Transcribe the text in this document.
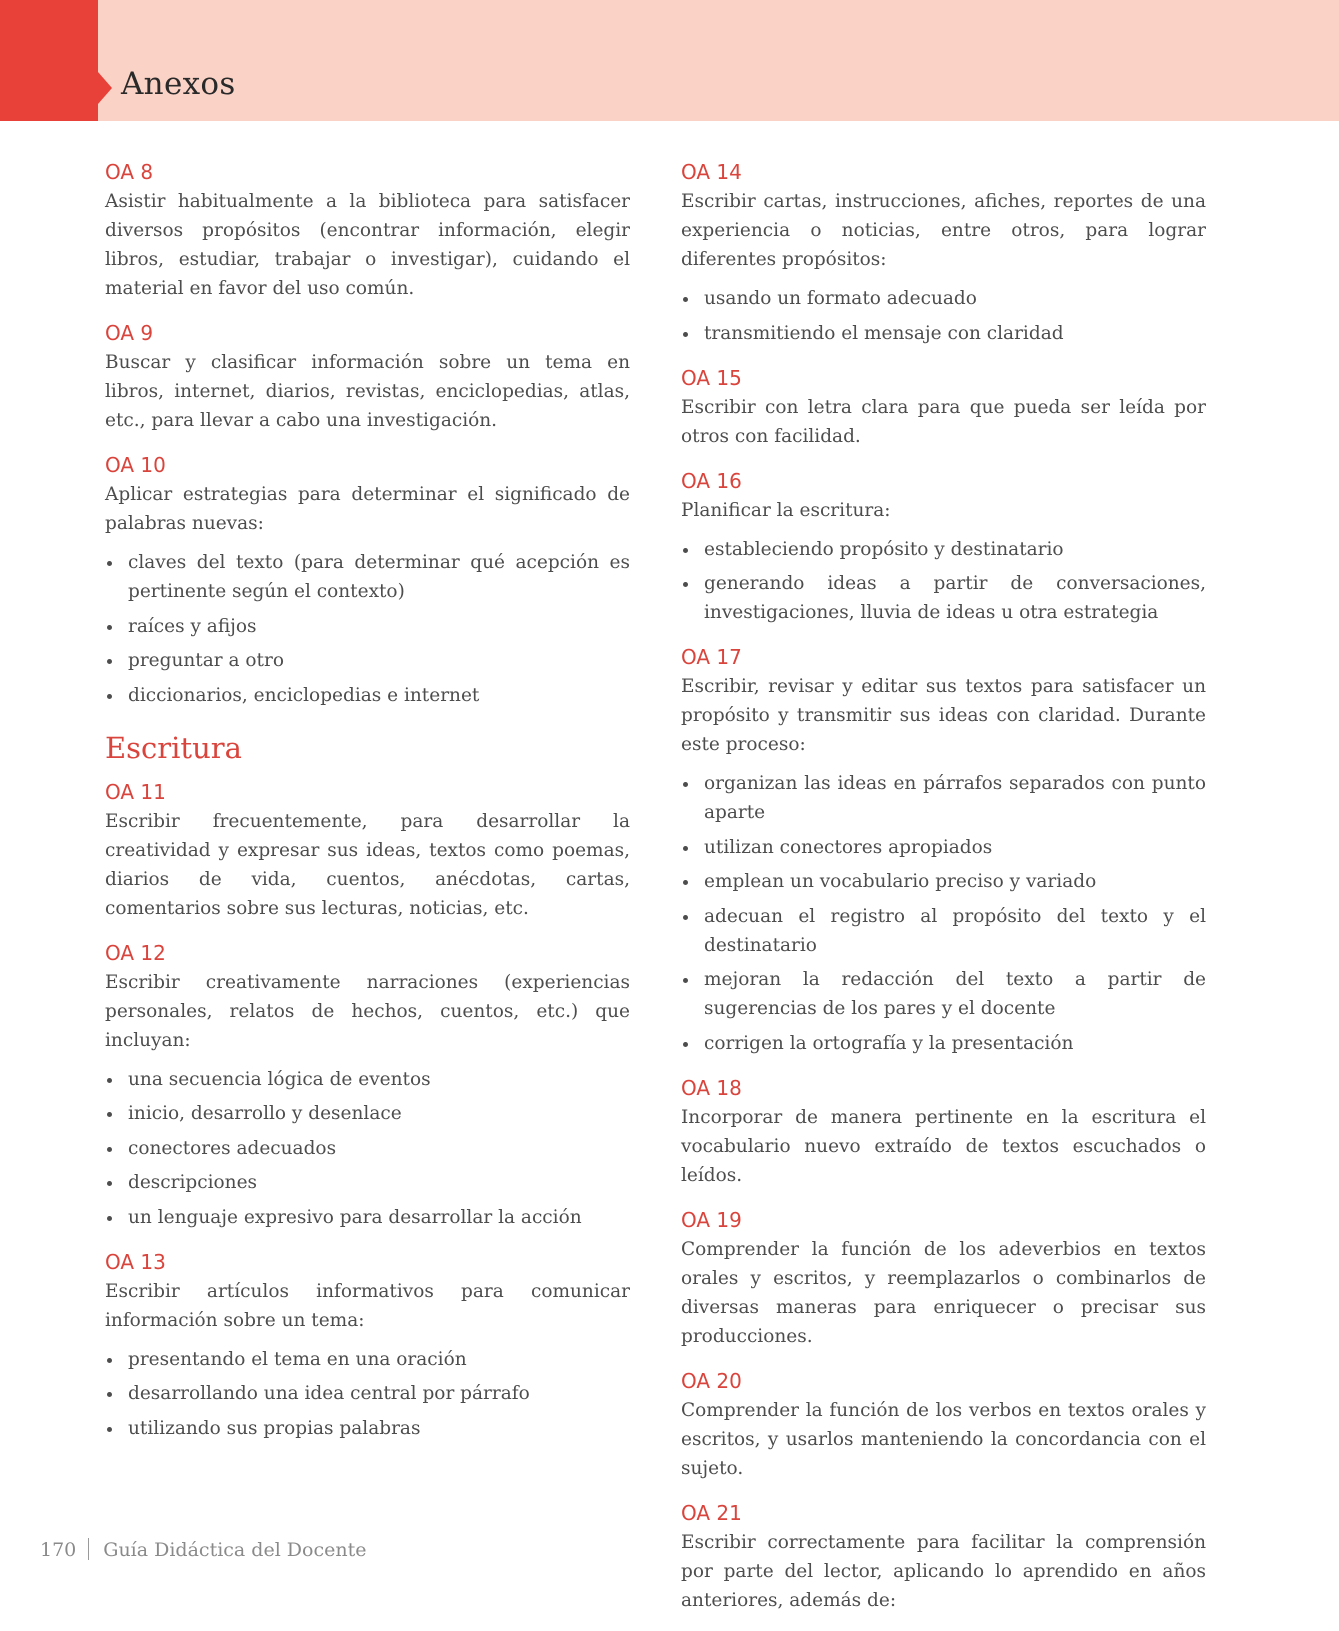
Anexos
OA 8

Asistir habitualmente a la biblioteca para satisfacer diversos propósitos (encontrar información, elegir libros, estudiar, trabajar o investigar), cuidando el material en favor del uso común.

OA 9

Buscar y clasificar información sobre un tema en libros, internet, diarios, revistas, enciclopedias, atlas, etc., para llevar a cabo una investigación.

OA 10

Aplicar estrategias para determinar el significado de palabras nuevas:

claves del texto (para determinar qué acepción es pertinente según el contexto)
raíces y afijos
preguntar a otro
diccionarios, enciclopedias e internet
Escritura
OA 11

Escribir frecuentemente, para desarrollar la creatividad y expresar sus ideas, textos como poemas, diarios de vida, cuentos, anécdotas, cartas, comentarios sobre sus lecturas, noticias, etc.

OA 12

Escribir creativamente narraciones (experiencias personales, relatos de hechos, cuentos, etc.) que incluyan:

una secuencia lógica de eventos
inicio, desarrollo y desenlace
conectores adecuados
descripciones
un lenguaje expresivo para desarrollar la acción
OA 13

Escribir artículos informativos para comunicar información sobre un tema:

presentando el tema en una oración
desarrollando una idea central por párrafo
utilizando sus propias palabras
OA 14

Escribir cartas, instrucciones, afiches, reportes de una experiencia o noticias, entre otros, para lograr diferentes propósitos:

usando un formato adecuado
transmitiendo el mensaje con claridad
OA 15

Escribir con letra clara para que pueda ser leída por otros con facilidad.

OA 16

Planificar la escritura:

estableciendo propósito y destinatario
generando ideas a partir de conversaciones, investigaciones, lluvia de ideas u otra estrategia
OA 17

Escribir, revisar y editar sus textos para satisfacer un propósito y transmitir sus ideas con claridad. Durante este proceso:

organizan las ideas en párrafos separados con punto aparte
utilizan conectores apropiados
emplean un vocabulario preciso y variado
adecuan el registro al propósito del texto y el destinatario
mejoran la redacción del texto a partir de sugerencias de los pares y el docente
corrigen la ortografía y la presentación
OA 18

Incorporar de manera pertinente en la escritura el vocabulario nuevo extraído de textos escuchados o leídos.

OA 19

Comprender la función de los adeverbios en textos orales y escritos, y reemplazarlos o combinarlos de diversas maneras para enriquecer o precisar sus producciones.

OA 20

Comprender la función de los verbos en textos orales y escritos, y usarlos manteniendo la concordancia con el sujeto.

OA 21

Escribir correctamente para facilitar la comprensión por parte del lector, aplicando lo aprendido en años anteriores, además de:

170 Guía Didáctica del Docente
